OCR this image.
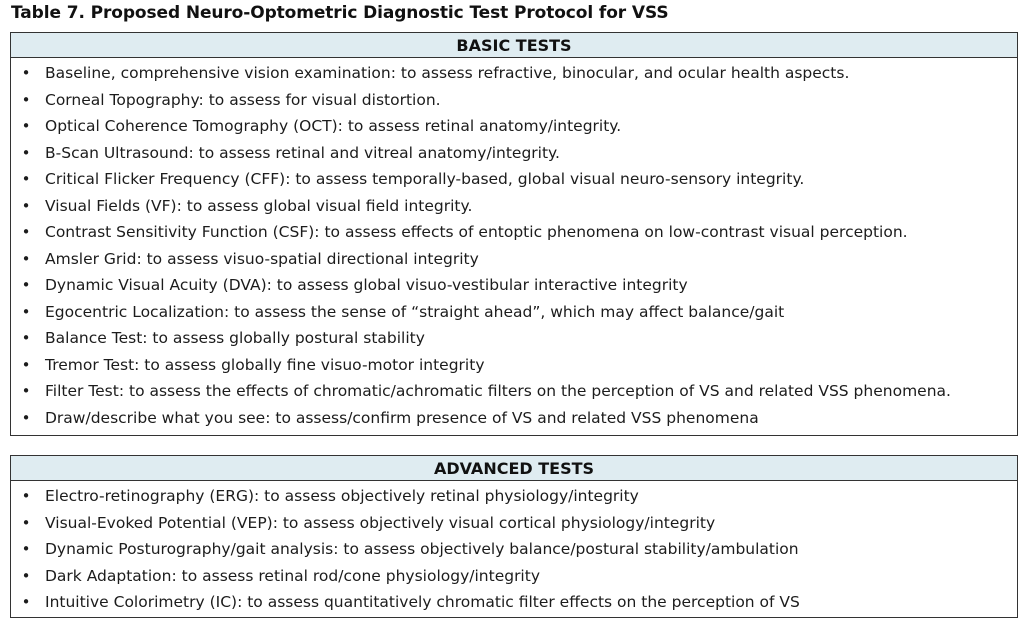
Table 7. Proposed Neuro-Optometric Diagnostic Test Protocol for VSS
BASIC TESTS
• Baseline, comprehensive vision examination: to assess refractive, binocular, and ocular health aspects.
• Corneal Topography: to assess for visual distortion.
• Optical Coherence Tomography (OCT): to assess retinal anatomy/integrity.
• B-Scan Ultrasound: to assess retinal and vitreal anatomy/integrity.
• Critical Flicker Frequency (CFF): to assess temporally-based, global visual neuro-sensory integrity.
• Visual Fields (VF): to assess global visual field integrity.
• Contrast Sensitivity Function (CSF): to assess effects of entoptic phenomena on low-contrast visual perception.
• Amsler Grid: to assess visuo-spatial directional integrity
• Dynamic Visual Acuity (DVA): to assess global visuo-vestibular interactive integrity
• Egocentric Localization: to assess the sense of “straight ahead”, which may affect balance/gait
• Balance Test: to assess globally postural stability
• Tremor Test: to assess globally fine visuo-motor integrity
• Filter Test: to assess the effects of chromatic/achromatic filters on the perception of VS and related VSS phenomena.
• Draw/describe what you see: to assess/confirm presence of VS and related VSS phenomena
ADVANCED TESTS
• Electro-retinography (ERG): to assess objectively retinal physiology/integrity
• Visual-Evoked Potential (VEP): to assess objectively visual cortical physiology/integrity
• Dynamic Posturography/gait analysis: to assess objectively balance/postural stability/ambulation
• Dark Adaptation: to assess retinal rod/cone physiology/integrity
• Intuitive Colorimetry (IC): to assess quantitatively chromatic filter effects on the perception of VS
